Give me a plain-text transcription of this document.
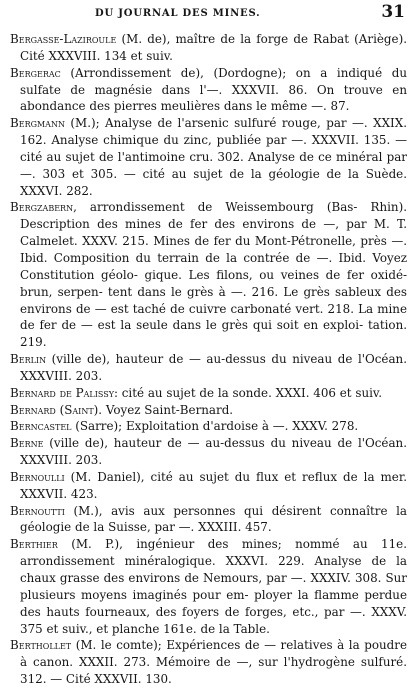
DU JOURNAL DES MINES.	31
Bergasse-Laziroule (M. de), maître de la forge de Rabat (Ariège). Cité XXXVIII. 134 et suiv.
Bergerac (Arrondissement de), (Dordogne); on a indiqué du sulfate de magnésie dans l'—. XXXVII. 86. On trouve en abondance des pierres meulières dans le même —. 87.
Bergmann (M.); Analyse de l'arsenic sulfuré rouge, par —. XXIX. 162. Analyse chimique du zinc, publiée par —. XXXVII. 135. — cité au sujet de l'antimoine cru. 302. Analyse de ce minéral par —. 303 et 305. — cité au sujet de la géologie de la Suède. XXXVI. 282.
Bergzabern, arrondissement de Weissembourg (Bas- Rhin). Description des mines de fer des environs de —, par M. T. Calmelet. XXXV. 215. Mines de fer du Mont-Pétronelle, près —. Ibid. Composition du terrain de la contrée de —. Ibid. Voyez Constitution géolo- gique. Les filons, ou veines de fer oxidé-brun, serpen- tent dans le grès à —. 216. Le grès sableux des environs de — est taché de cuivre carbonaté vert. 218. La mine de fer de — est la seule dans le grès qui soit en exploi- tation. 219.
Berlin (ville de), hauteur de — au-dessus du niveau de l'Océan. XXXVIII. 203.
Bernard de Palissy: cité au sujet de la sonde. XXXI. 406 et suiv.
Bernard (Saint). Voyez Saint-Bernard.
Berncastel (Sarre); Exploitation d'ardoise à —. XXXV. 278.
Berne (ville de), hauteur de — au-dessus du niveau de l'Océan. XXXVIII. 203.
Bernoulli (M. Daniel), cité au sujet du flux et reflux de la mer. XXXVII. 423.
Bernoutti (M.), avis aux personnes qui désirent connaître la géologie de la Suisse, par —. XXXIII. 457.
Berthier (M. P.), ingénieur des mines; nommé au 11e. arrondissement minéralogique. XXXVI. 229. Analyse de la chaux grasse des environs de Nemours, par —. XXXIV. 308. Sur plusieurs moyens imaginés pour em- ployer la flamme perdue des hauts fourneaux, des foyers de forges, etc., par —. XXXV. 375 et suiv., et planche 161e. de la Table.
Berthollet (M. le comte); Expériences de — relatives à la poudre à canon. XXXII. 273. Mémoire de —, sur l'hydrogène sulfuré. 312. — Cité XXXVII. 130.
